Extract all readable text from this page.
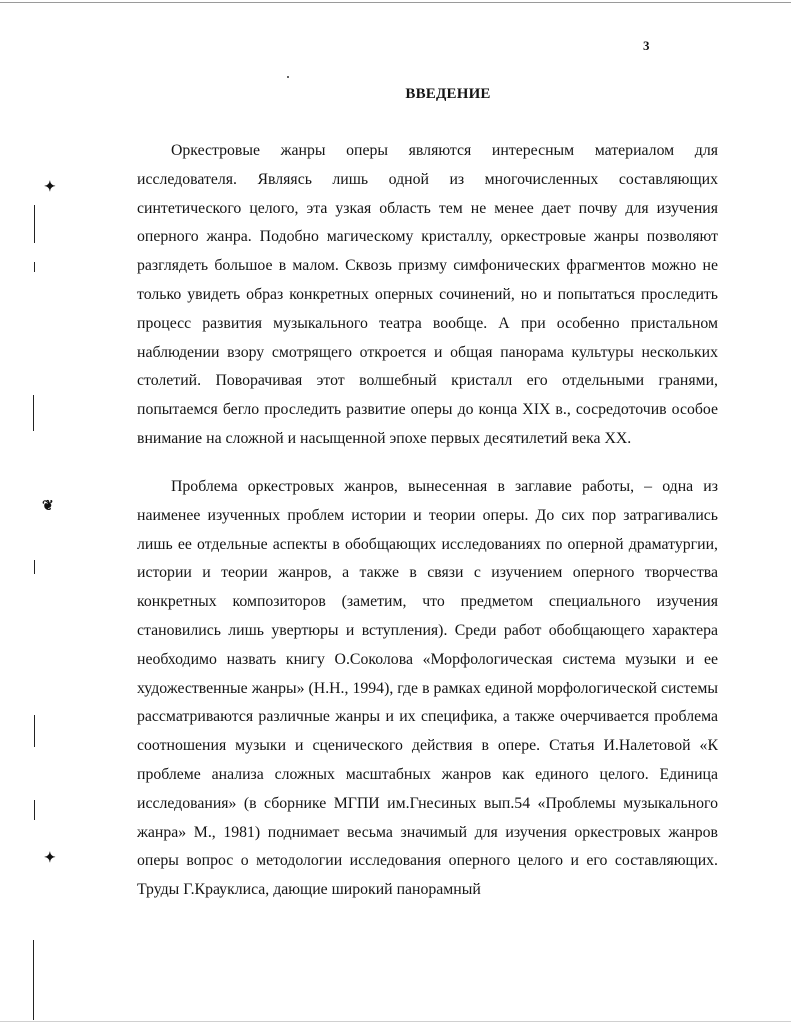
3
ВВЕДЕНИЕ

Оркестровые жанры оперы являются интересным материалом для исследователя. Являясь лишь одной из многочисленных составляющих синтетического целого, эта узкая область тем не менее дает почву для изучения оперного жанра. Подобно магическому кристаллу, оркестровые жанры позволяют разглядеть большое в малом. Сквозь призму симфонических фрагментов можно не только увидеть образ конкретных оперных сочинений, но и попытаться проследить процесс развития музыкального театра вообще. А при особенно пристальном наблюдении взору смотрящего откроется и общая панорама культуры нескольких столетий. Поворачивая этот волшебный кристалл его отдельными гранями, попытаемся бегло проследить развитие оперы до конца XIX в., сосредоточив особое внимание на сложной и насыщенной эпохе первых десятилетий века XX.

Проблема оркестровых жанров, вынесенная в заглавие работы, – одна из наименее изученных проблем истории и теории оперы. До сих пор затрагивались лишь ее отдельные аспекты в обобщающих исследованиях по оперной драматургии, истории и теории жанров, а также в связи с изучением оперного творчества конкретных композиторов (заметим, что предметом специального изучения становились лишь увертюры и вступления). Среди работ обобщающего характера необходимо назвать книгу О.Соколова «Морфологическая система музыки и ее художественные жанры» (Н.Н., 1994), где в рамках единой морфологической системы рассматриваются различные жанры и их специфика, а также очерчивается проблема соотношения музыки и сценического действия в опере. Статья И.Налетовой «К проблеме анализа сложных масштабных жанров как единого целого. Единица исследования» (в сборнике МГПИ им.Гнесиных вып.54 «Проблемы музыкального жанра» М., 1981) поднимает весьма значимый для изучения оркестровых жанров оперы вопрос о методологии исследования оперного целого и его составляющих. Труды Г.Крауклиса, дающие широкий панорамный

✦
❦
✦
